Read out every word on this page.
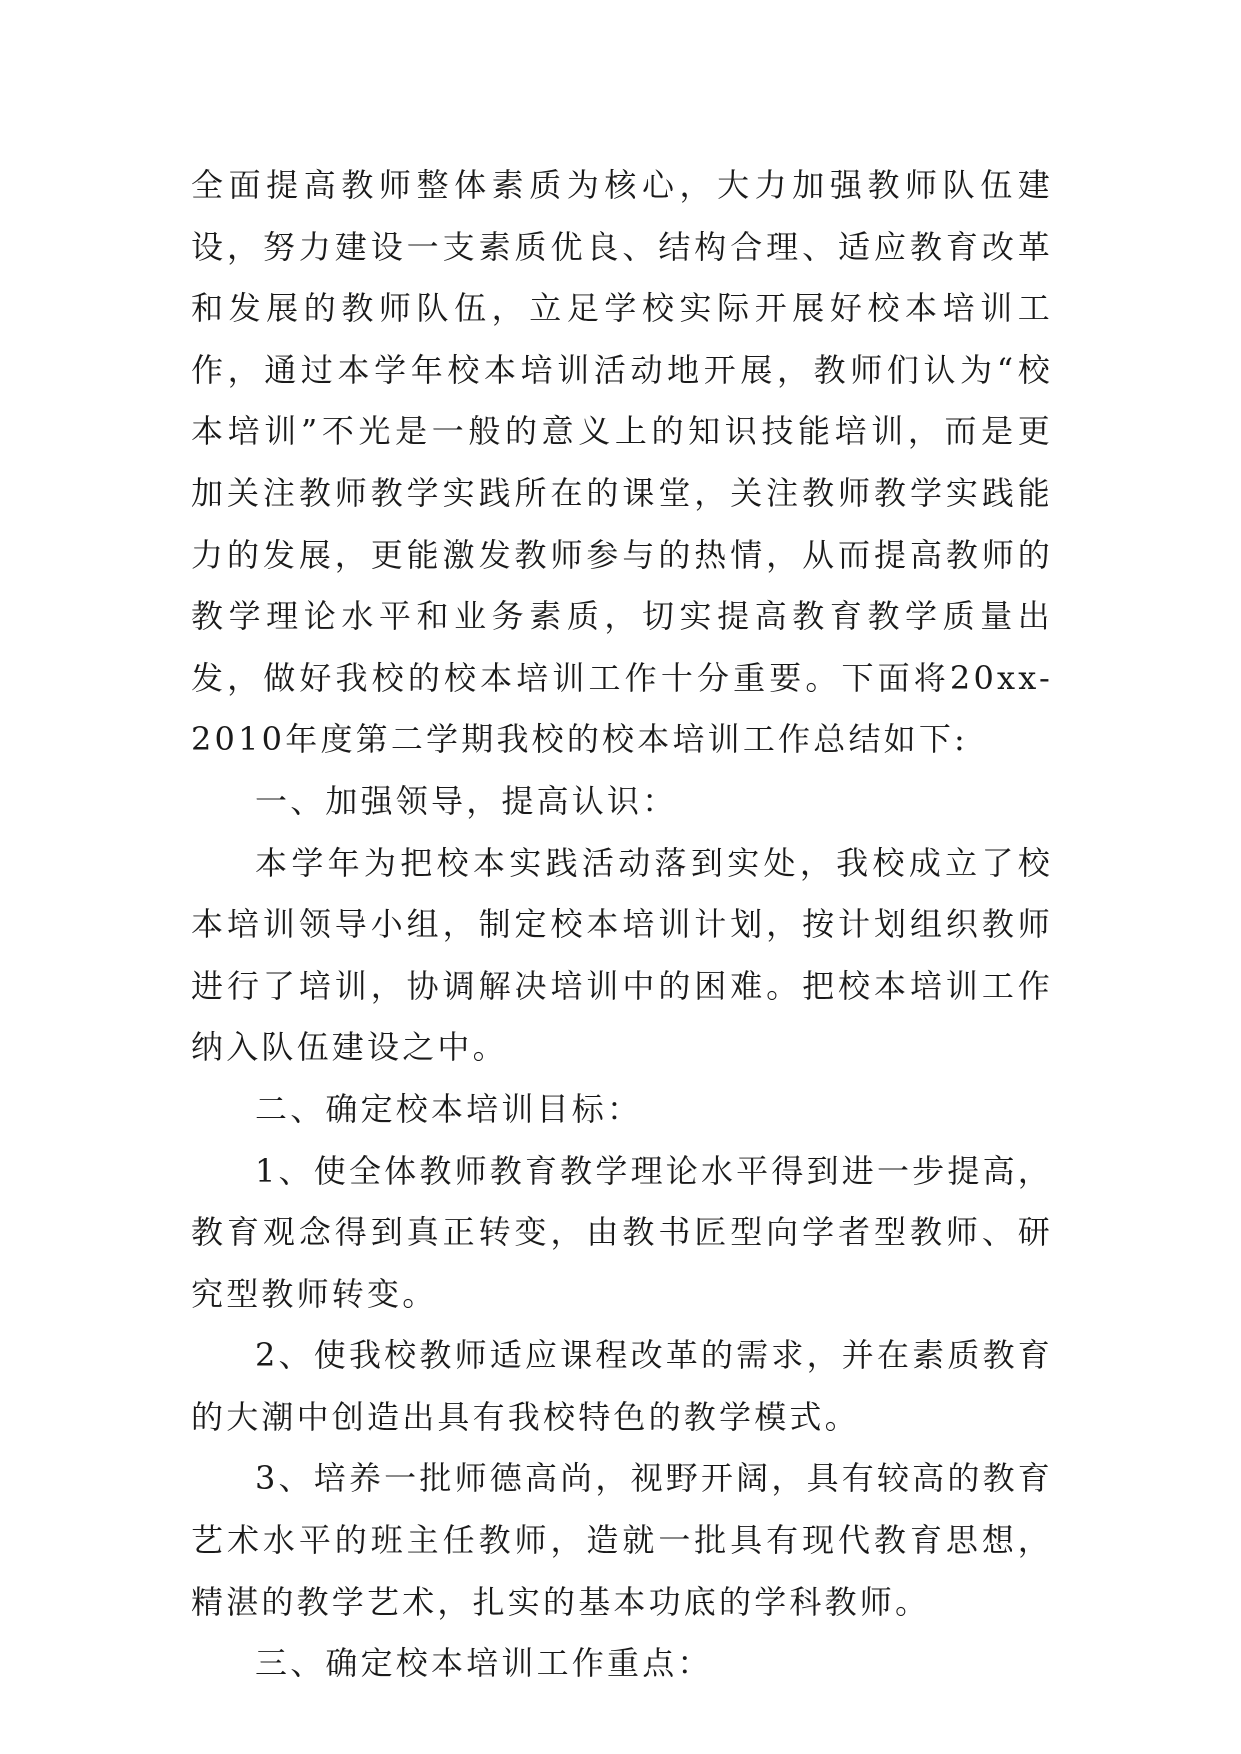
全面提高教师整体素质为核心，大力加强教师队伍建设，努力建设一支素质优良、结构合理、适应教育改革和发展的教师队伍，立足学校实际开展好校本培训工作，通过本学年校本培训活动地开展，教师们认为“校本培训”不光是一般的意义上的知识技能培训，而是更加关注教师教学实践所在的课堂，关注教师教学实践能力的发展，更能激发教师参与的热情，从而提高教师的教学理论水平和业务素质，切实提高教育教学质量出发，做好我校的校本培训工作十分重要。下面将20xx-2010年度第二学期我校的校本培训工作总结如下:

一、加强领导，提高认识：

本学年为把校本实践活动落到实处，我校成立了校本培训领导小组，制定校本培训计划，按计划组织教师进行了培训，协调解决培训中的困难。把校本培训工作纳入队伍建设之中。

二、确定校本培训目标：

1、使全体教师教育教学理论水平得到进一步提高，教育观念得到真正转变，由教书匠型向学者型教师、研究型教师转变。

2、使我校教师适应课程改革的需求，并在素质教育的大潮中创造出具有我校特色的教学模式。

3、培养一批师德高尚，视野开阔，具有较高的教育艺术水平的班主任教师，造就一批具有现代教育思想，精湛的教学艺术，扎实的基本功底的学科教师。

三、确定校本培训工作重点：
